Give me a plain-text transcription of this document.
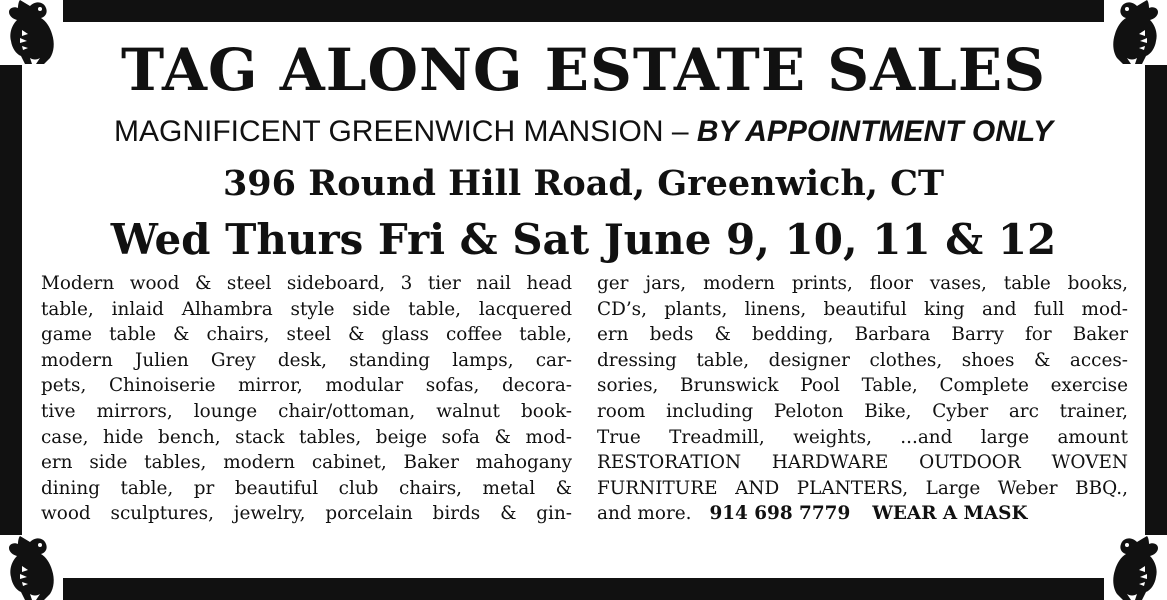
TAG ALONG ESTATE SALES
MAGNIFICENT GREENWICH MANSION – BY APPOINTMENT ONLY
396 Round Hill Road, Greenwich, CT
Wed Thurs Fri & Sat June 9, 10, 11 & 12
Modern wood & steel sideboard, 3 tier nail head
table, inlaid Alhambra style side table, lacquered
game table & chairs, steel & glass coffee table,
modern Julien Grey desk, standing lamps, car-
pets, Chinoiserie mirror, modular sofas, decora-
tive mirrors, lounge chair/ottoman, walnut book-
case, hide bench, stack tables, beige sofa & mod-
ern side tables, modern cabinet, Baker mahogany
dining table, pr beautiful club chairs, metal &
wood sculptures, jewelry, porcelain birds & gin-
ger jars, modern prints, floor vases, table books,
CD’s, plants, linens, beautiful king and full mod-
ern beds & bedding, Barbara Barry for Baker
dressing table, designer clothes, shoes & acces-
sories, Brunswick Pool Table, Complete exercise
room including Peloton Bike, Cyber arc trainer,
True Treadmill, weights, ...and large amount
RESTORATION HARDWARE OUTDOOR WOVEN
FURNITURE AND PLANTERS, Large Weber BBQ.,
and more. 914 698 7779 WEAR A MASK
